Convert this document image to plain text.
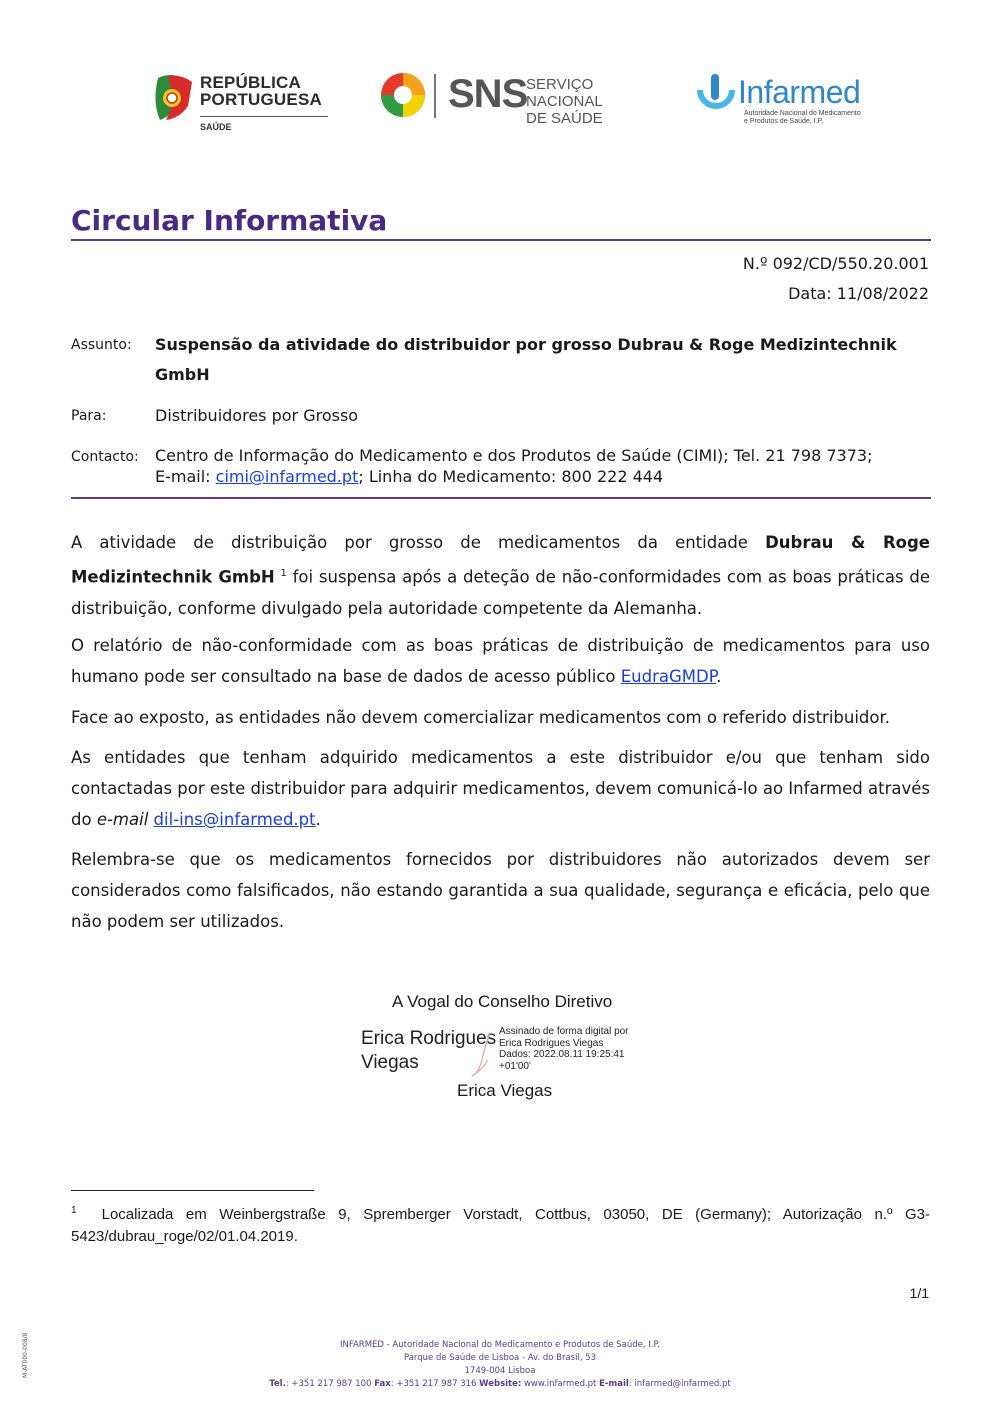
REPÚBLICA
PORTUGUESA
SAÚDE
SNS
SERVIÇO NACIONAL
DE SAÚDE
Infarmed
Autoridade Nacional do Medicamento
e Produtos de Saúde, I.P.
Circular Informativa
N.º 092/CD/550.20.001
Data: 11/08/2022
Assunto: Suspensão da atividade do distribuidor por grosso Dubrau & Roge Medizintechnik GmbH
Para:	Distribuidores por Grosso
Contacto: Centro de Informação do Medicamento e dos Produtos de Saúde (CIMI); Tel. 21 798 7373;
E-mail: cimi@infarmed.pt; Linha do Medicamento: 800 222 444
A atividade de distribuição por grosso de medicamentos da entidade Dubrau & Roge Medizintechnik GmbH $^1$ foi suspensa após a deteção de não-conformidades com as boas práticas de distribuição, conforme divulgado pela autoridade competente da Alemanha.
O relatório de não-conformidade com as boas práticas de distribuição de medicamentos para uso humano pode ser consultado na base de dados de acesso público EudraGMDP.
Face ao exposto, as entidades não devem comercializar medicamentos com o referido distribuidor.
As entidades que tenham adquirido medicamentos a este distribuidor e/ou que tenham sido contactadas por este distribuidor para adquirir medicamentos, devem comunicá-lo ao Infarmed através do e-mail dil-ins@infarmed.pt.
Relembra-se que os medicamentos fornecidos por distribuidores não autorizados devem ser considerados como falsificados, não estando garantida a sua qualidade, segurança e eficácia, pelo que não podem ser utilizados.
A Vogal do Conselho Diretivo
Erica Rodrigues
Viegas
Assinado de forma digital por
Erica Rodrigues Viegas
Dados: 2022.08.11 19:25:41
+01'00'
Erica Viegas
$^1$ Localizada em Weinbergstraße 9, Spremberger Vorstadt, Cottbus, 03050, DE (Germany); Autorização n.º G3-5423/dubrau_roge/02/01.04.2019.
1/1
M-AT000-008/8	INFARMED - Autoridade Nacional do Medicamento e Produtos de Saúde, I.P.
Parque de Saúde de Lisboa - Av. do Brasil, 53
1749-004 Lisboa
Tel.: +351 217 987 100 Fax: +351 217 987 316 Website: www.infarmed.pt E-mail: infarmed@infarmed.pt
